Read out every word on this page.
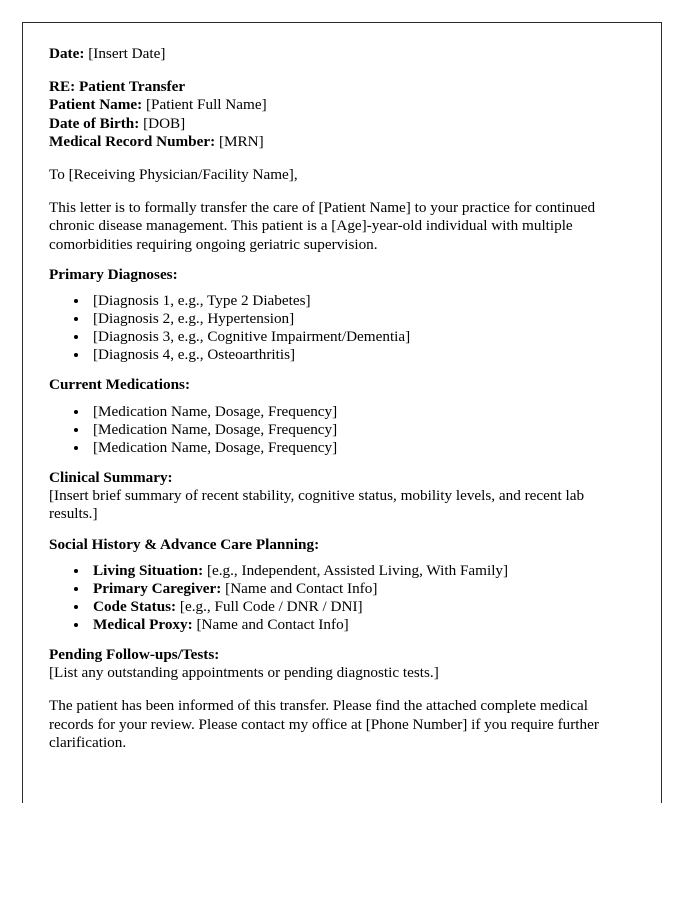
Date: [Insert Date]
RE: Patient Transfer
Patient Name: [Patient Full Name]
Date of Birth: [DOB]
Medical Record Number: [MRN]

To [Receiving Physician/Facility Name],

This letter is to formally transfer the care of [Patient Name] to your practice for continued chronic disease management. This patient is a [Age]-year-old individual with multiple comorbidities requiring ongoing geriatric supervision.

Primary Diagnoses:

• [Diagnosis 1, e.g., Type 2 Diabetes]
• [Diagnosis 2, e.g., Hypertension]
• [Diagnosis 3, e.g., Cognitive Impairment/Dementia]
• [Diagnosis 4, e.g., Osteoarthritis]

Current Medications:

• [Medication Name, Dosage, Frequency]
• [Medication Name, Dosage, Frequency]
• [Medication Name, Dosage, Frequency]

Clinical Summary:

[Insert brief summary of recent stability, cognitive status, mobility levels, and recent lab results.]

Social History & Advance Care Planning:

• Living Situation: [e.g., Independent, Assisted Living, With Family]
• Primary Caregiver: [Name and Contact Info]
• Code Status: [e.g., Full Code / DNR / DNI]
• Medical Proxy: [Name and Contact Info]

Pending Follow-ups/Tests:

[List any outstanding appointments or pending diagnostic tests.]

The patient has been informed of this transfer. Please find the attached complete medical records for your review. Please contact my office at [Phone Number] if you require further clarification.
